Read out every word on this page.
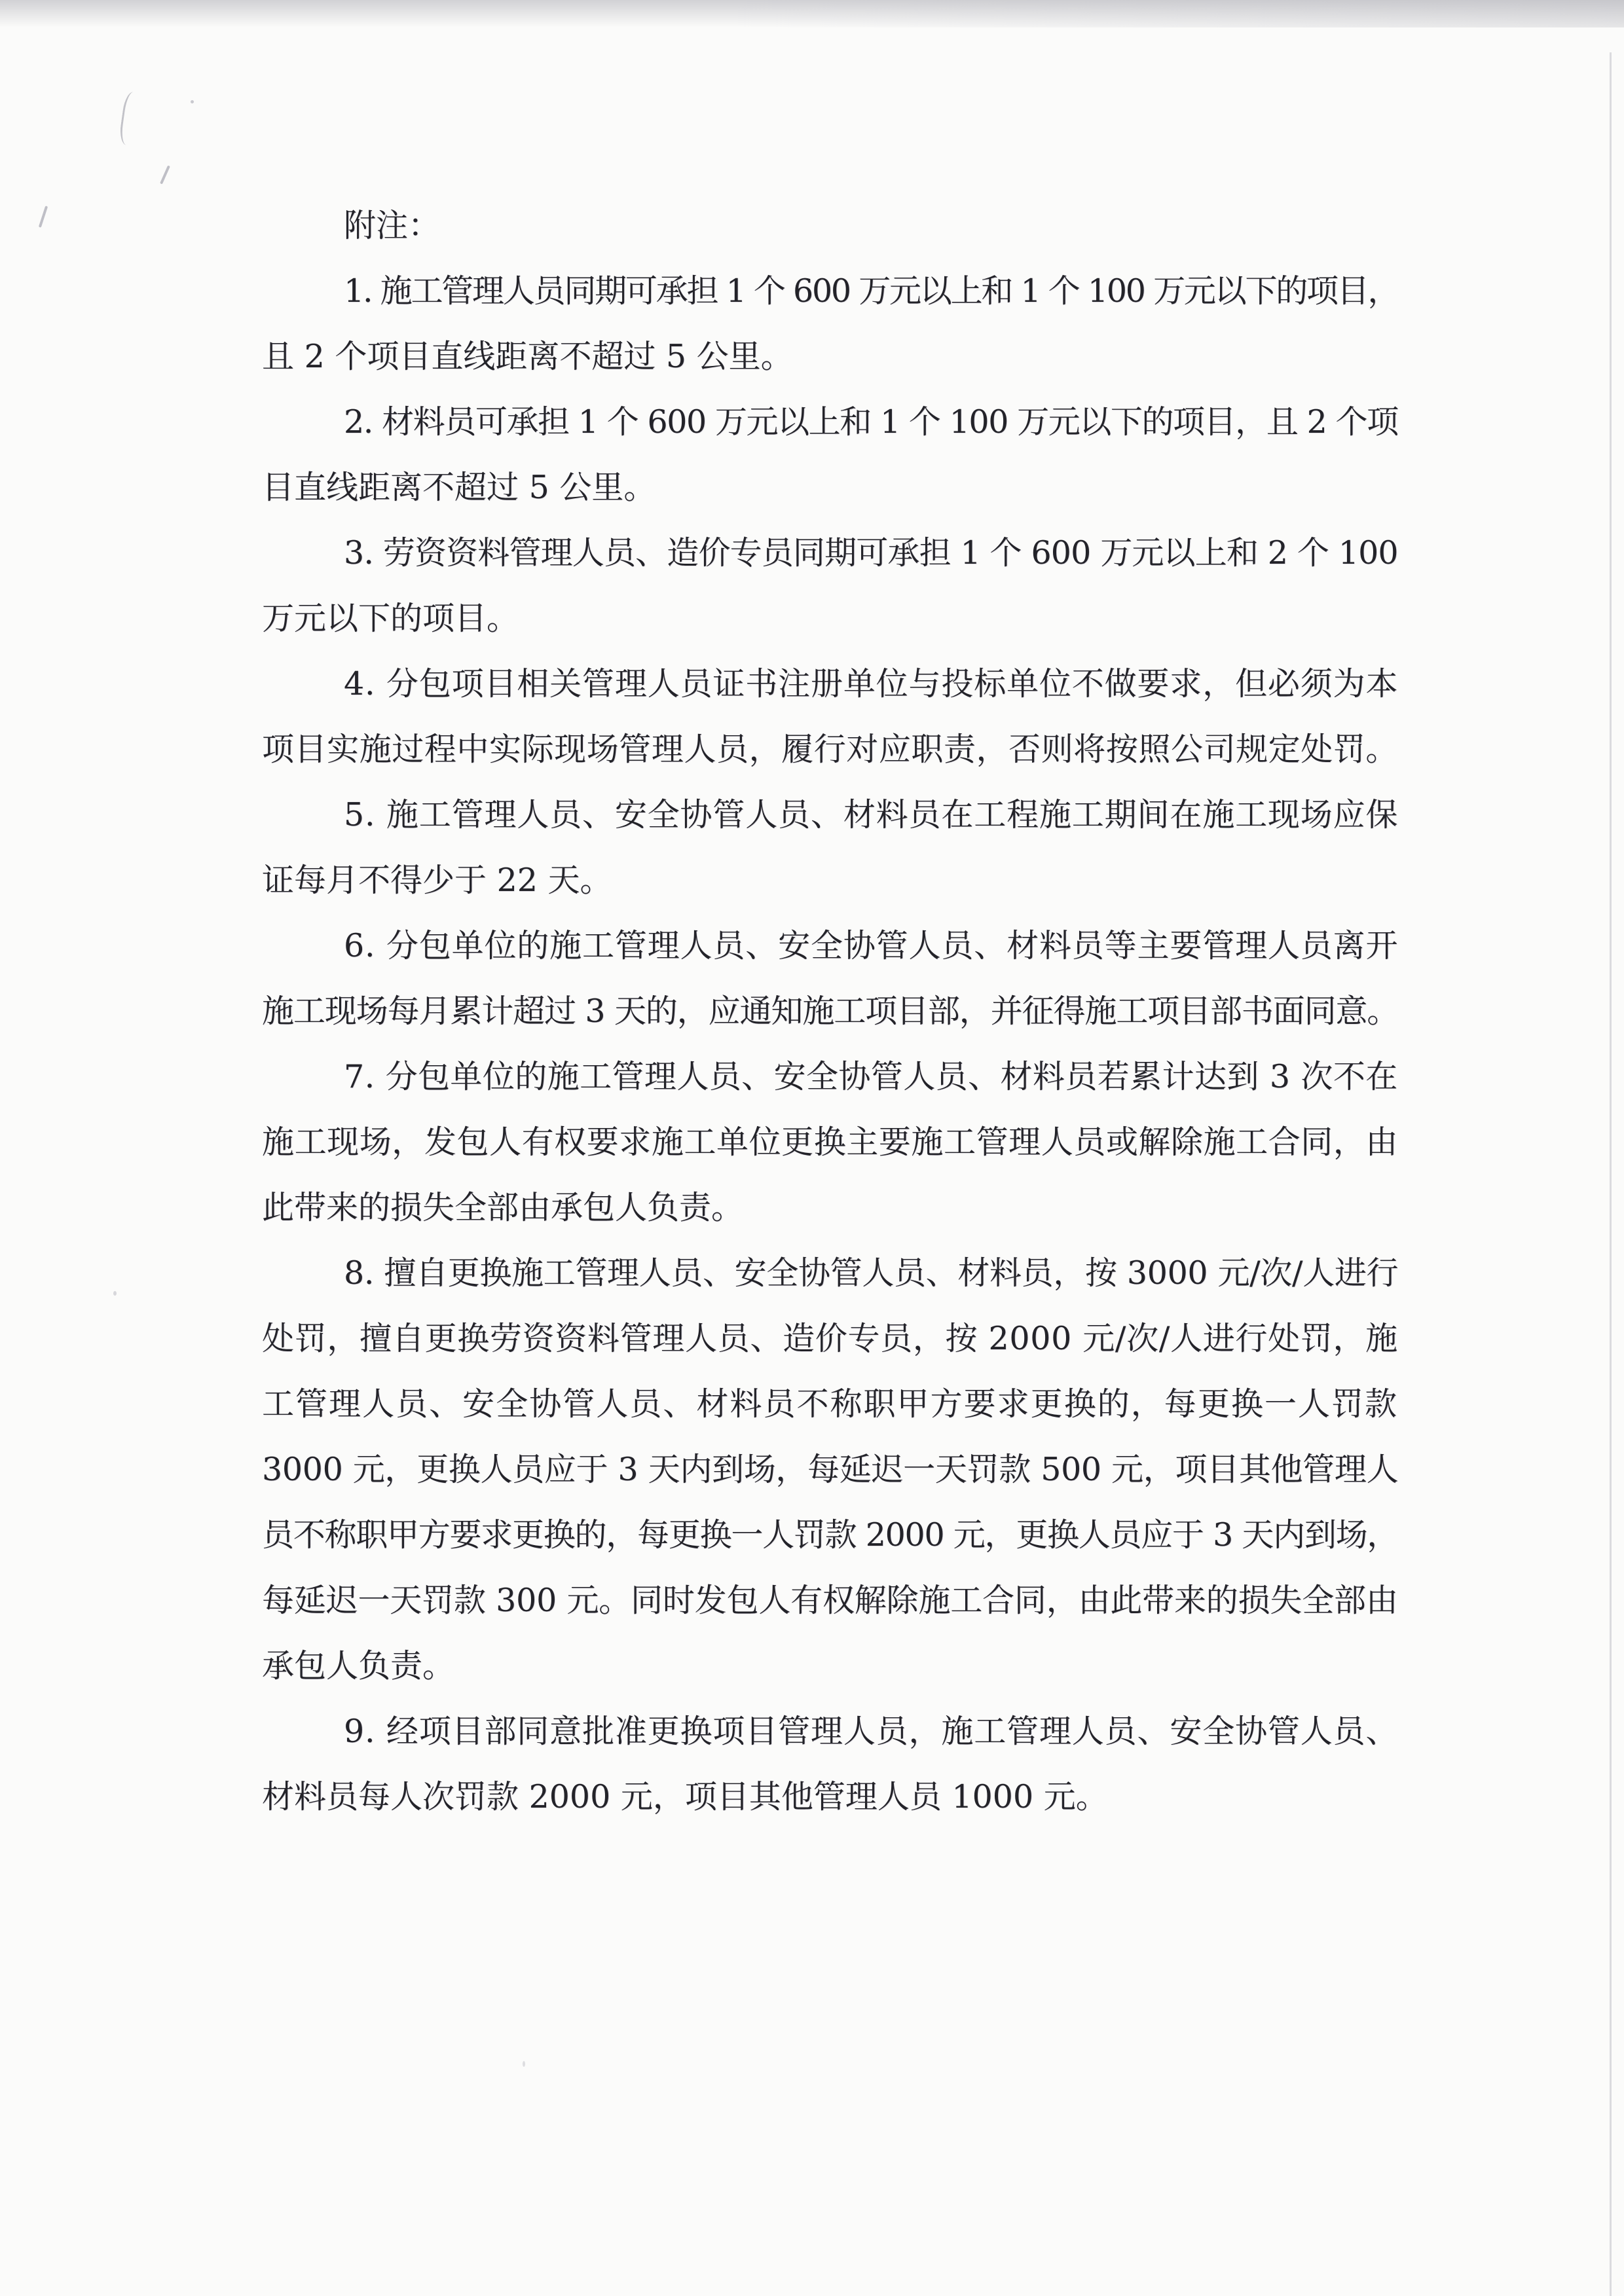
附注：
1. 施工管理人员同期可承担 1 个 600 万元以上和 1 个 100 万元以下的项目，
且 2 个项目直线距离不超过 5 公里。
2. 材料员可承担 1 个 600 万元以上和 1 个 100 万元以下的项目，且 2 个项
目直线距离不超过 5 公里。
3. 劳资资料管理人员、造价专员同期可承担 1 个 600 万元以上和 2 个 100
万元以下的项目。
4. 分包项目相关管理人员证书注册单位与投标单位不做要求，但必须为本
项目实施过程中实际现场管理人员，履行对应职责，否则将按照公司规定处罚。
5. 施工管理人员、安全协管人员、材料员在工程施工期间在施工现场应保
证每月不得少于 22 天。
6. 分包单位的施工管理人员、安全协管人员、材料员等主要管理人员离开
施工现场每月累计超过 3 天的，应通知施工项目部，并征得施工项目部书面同意。
7. 分包单位的施工管理人员、安全协管人员、材料员若累计达到 3 次不在
施工现场，发包人有权要求施工单位更换主要施工管理人员或解除施工合同，由
此带来的损失全部由承包人负责。
8. 擅自更换施工管理人员、安全协管人员、材料员，按 3000 元/次/人进行
处罚，擅自更换劳资资料管理人员、造价专员，按 2000 元/次/人进行处罚，施
工管理人员、安全协管人员、材料员不称职甲方要求更换的，每更换一人罚款
3000 元，更换人员应于 3 天内到场，每延迟一天罚款 500 元，项目其他管理人
员不称职甲方要求更换的，每更换一人罚款 2000 元，更换人员应于 3 天内到场，
每延迟一天罚款 300 元。同时发包人有权解除施工合同，由此带来的损失全部由
承包人负责。
9. 经项目部同意批准更换项目管理人员，施工管理人员、安全协管人员、
材料员每人次罚款 2000 元，项目其他管理人员 1000 元。
